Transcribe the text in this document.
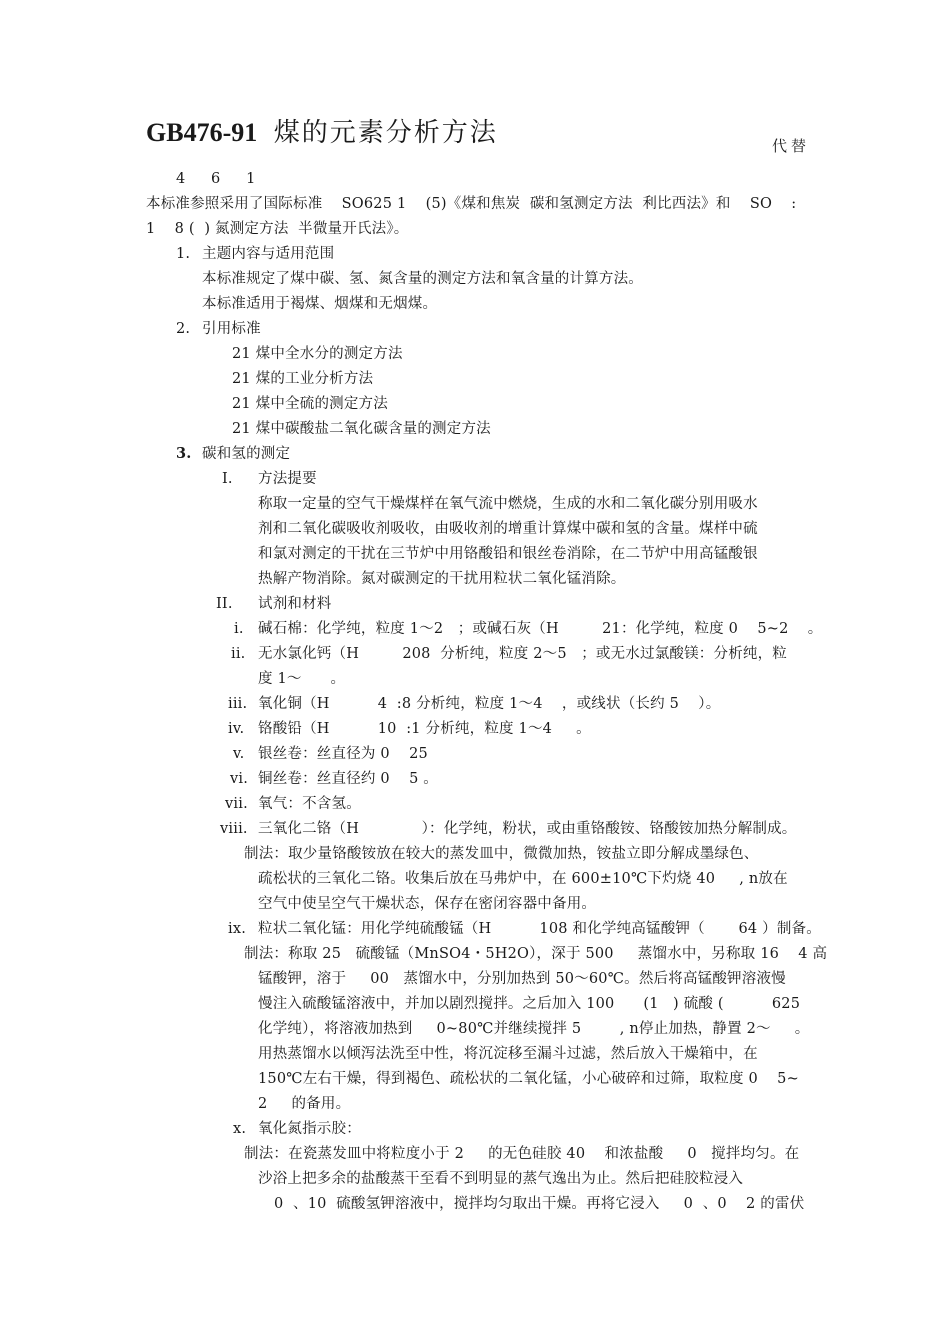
GB476-91 煤的元素分析方法	代替
4   6   1
本标准参照采用了国际标准    SO625 1    (5)《煤和焦炭  碳和氢测定方法  利比西法》和    SO    :
1    8 (  ) 氮测定方法  半微量开氏法》。
1. 主题内容与适用范围
本标准规定了煤中碳、氢、氮含量的测定方法和氧含量的计算方法。
本标准适用于褐煤、烟煤和无烟煤。
2. 引用标准
21 煤中全水分的测定方法
21 煤的工业分析方法
21 煤中全硫的测定方法
21 煤中碳酸盐二氧化碳含量的测定方法
3. 碳和氢的测定
I. 方法提要
称取一定量的空气干燥煤样在氧气流中燃烧，生成的水和二氧化碳分别用吸水
剂和二氧化碳吸收剂吸收，由吸收剂的增重计算煤中碳和氢的含量。煤样中硫
和氯对测定的干扰在三节炉中用铬酸铅和银丝卷消除，在二节炉中用高锰酸银
热解产物消除。氮对碳测定的干扰用粒状二氧化锰消除。
II. 试剂和材料
i. 碱石棉：化学纯，粒度 1～2   ；或碱石灰（H         21：化学纯，粒度 0    5~2    。
ii. 无水氯化钙（H         208  分析纯，粒度 2～5   ；或无水过氯酸镁：分析纯，粒
度 1～      。
iii. 氧化铜（H          4  :8 分析纯，粒度 1～4    ，或线状（长约 5    ）。
iv. 铬酸铅（H          10  :1 分析纯，粒度 1～4     。
v. 银丝卷：丝直径为 0    25
vi. 铜丝卷：丝直径约 0    5 。
vii. 氧气：不含氢。
viii. 三氧化二铬（H             ）：化学纯，粉状，或由重铬酸铵、铬酸铵加热分解制成。
制法：取少量铬酸铵放在较大的蒸发皿中，微微加热，铵盐立即分解成墨绿色、
疏松状的三氧化二铬。收集后放在马弗炉中，在 600±10℃下灼烧 40     , n放在
空气中使呈空气干燥状态，保存在密闭容器中备用。
ix. 粒状二氧化锰：用化学纯硫酸锰（H          108 和化学纯高锰酸钾（       64 ）制备。
制法：称取 25   硫酸锰（MnSO4・5H2O），深于 500     蒸馏水中，另称取 16    4 高
锰酸钾，溶于     00   蒸馏水中，分别加热到 50～60℃。然后将高锰酸钾溶液慢
慢注入硫酸锰溶液中，并加以剧烈搅拌。之后加入 100      (1   ) 硫酸 (          625
化学纯），将溶液加热到     0~80℃并继续搅拌 5        , n停止加热，静置 2～     。
用热蒸馏水以倾泻法洗至中性，将沉淀移至漏斗过滤，然后放入干燥箱中，在
150℃左右干燥，得到褐色、疏松状的二氧化锰，小心破碎和过筛，取粒度 0    5~
2     的备用。
x. 氧化氮指示胶：
制法：在瓷蒸发皿中将粒度小于 2     的无色硅胶 40    和浓盐酸     0   搅拌均匀。在
沙浴上把多余的盐酸蒸干至看不到明显的蒸气逸出为止。然后把硅胶粒浸入
0  、10  硫酸氢钾溶液中，搅拌均匀取出干燥。再将它浸入     0  、0    2 的雷伏
